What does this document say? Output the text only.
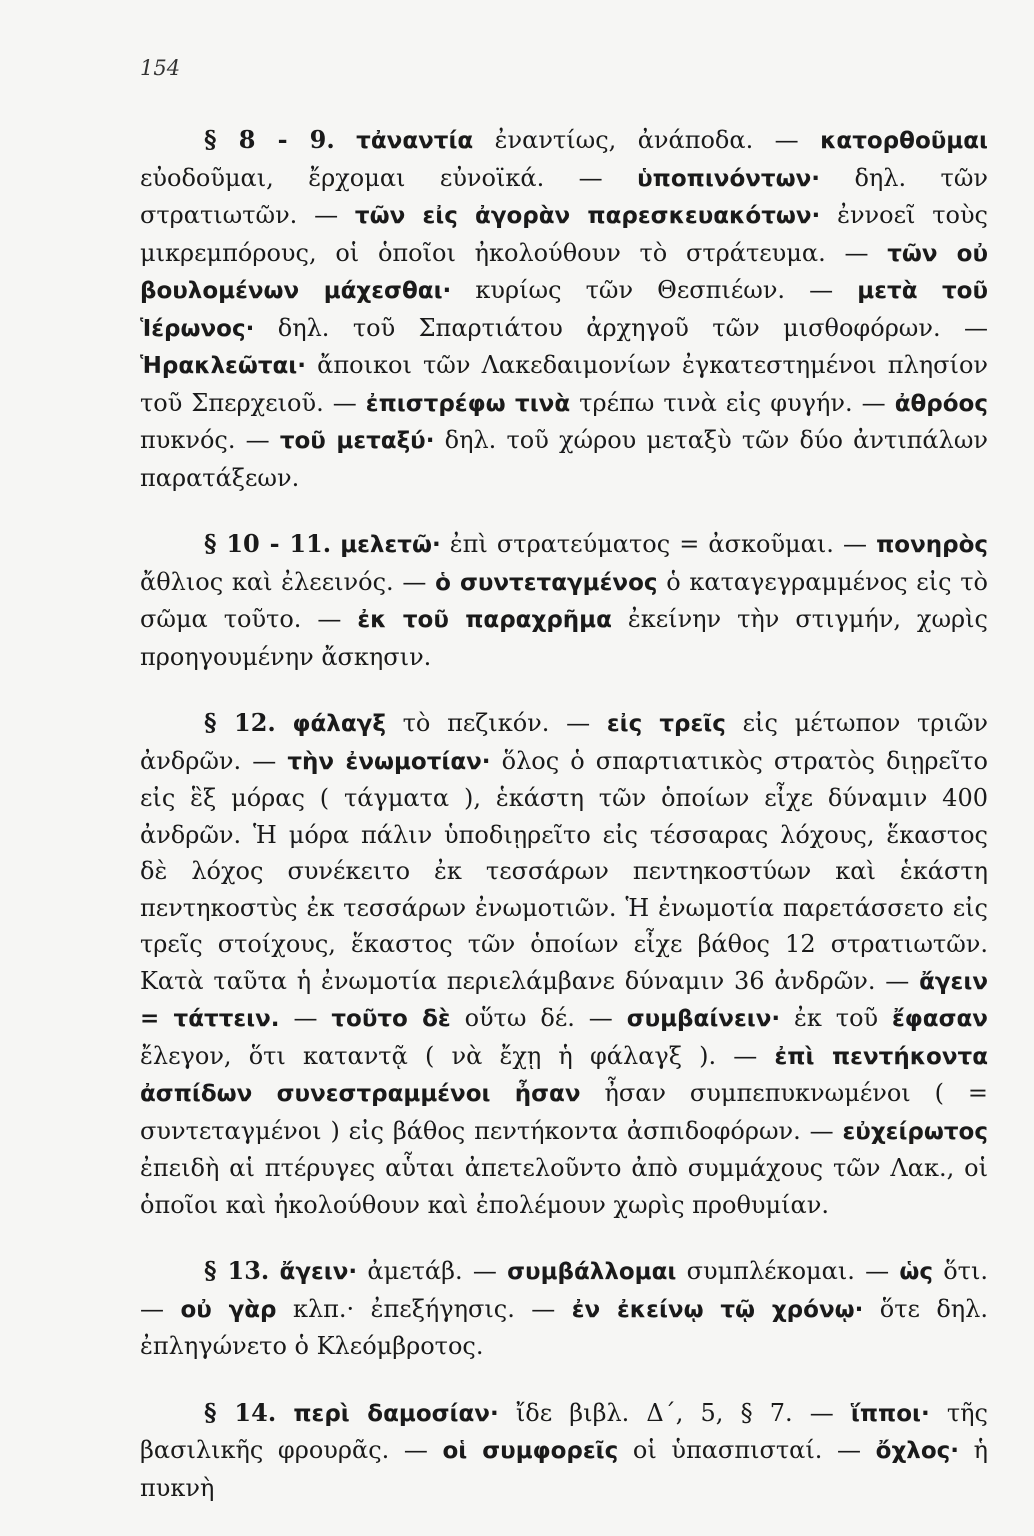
154

§ 8 - 9. τἀναντία ἐναντίως, ἀνάποδα. — κατορθοῦμαι εὐοδοῦμαι, ἔρχομαι εὐνοϊκά. — ὑποπινόντων· δηλ. τῶν στρατιωτῶν. — τῶν εἰς ἀγορὰν παρεσκευακότων· ἐννοεῖ τοὺς μικρεμπόρους, οἱ ὁποῖοι ἠκολούθουν τὸ στράτευμα. — τῶν οὐ βουλομένων μάχεσθαι· κυρίως τῶν Θεσπιέων. — μετὰ τοῦ Ἱέρωνος· δηλ. τοῦ Σπαρτιάτου ἀρχηγοῦ τῶν μισθοφόρων. — Ἡρακλεῶται· ἄποικοι τῶν Λακεδαιμονίων ἐγκατεστημένοι πλησίον τοῦ Σπερχειοῦ. — ἐπιστρέφω τινὰ τρέπω τινὰ εἰς φυγήν. — ἀθρόος πυκνός. — τοῦ μεταξύ· δηλ. τοῦ χώρου μεταξὺ τῶν δύο ἀντιπάλων παρατάξεων.

§ 10 - 11. μελετῶ· ἐπὶ στρατεύματος = ἀσκοῦμαι. — πονηρὸς ἄθλιος καὶ ἐλεεινός. — ὁ συντεταγμένος ὁ καταγεγραμμένος εἰς τὸ σῶμα τοῦτο. — ἐκ τοῦ παραχρῆμα ἐκείνην τὴν στιγμήν, χωρὶς προηγουμένην ἄσκησιν.

§ 12. φάλαγξ τὸ πεζικόν. — εἰς τρεῖς εἰς μέτωπον τριῶν ἀνδρῶν. — τὴν ἐνωμοτίαν· ὅλος ὁ σπαρτιατικὸς στρατὸς διῃρεῖτο εἰς ἓξ μόρας ( τάγματα ), ἑκάστη τῶν ὁποίων εἶχε δύναμιν 400 ἀνδρῶν. Ἡ μόρα πάλιν ὑποδιῃρεῖτο εἰς τέσσαρας λόχους, ἕκαστος δὲ λόχος συνέκειτο ἐκ τεσσάρων πεντηκοστύων καὶ ἑκάστη πεντηκοστὺς ἐκ τεσσάρων ἐνωμοτιῶν. Ἡ ἐνωμοτία παρετάσσετο εἰς τρεῖς στοίχους, ἕκαστος τῶν ὁποίων εἶχε βάθος 12 στρατιωτῶν. Κατὰ ταῦτα ἡ ἐνωμοτία περιελάμβανε δύναμιν 36 ἀνδρῶν. — ἄγειν = τάττειν. — τοῦτο δὲ οὕτω δέ. — συμβαίνειν· ἐκ τοῦ ἔφασαν ἔλεγον, ὅτι καταντᾷ ( νὰ ἔχῃ ἡ φάλαγξ ). — ἐπὶ πεντήκοντα ἀσπίδων συνεστραμμένοι ἦσαν ἦσαν συμπεπυκνωμένοι ( = συντεταγμένοι ) εἰς βάθος πεντήκοντα ἀσπιδοφόρων. — εὐχείρωτος ἐπειδὴ αἱ πτέρυγες αὗται ἀπετελοῦντο ἀπὸ συμμάχους τῶν Λακ., οἱ ὁποῖοι καὶ ἠκολούθουν καὶ ἐπολέμουν χωρὶς προθυμίαν.

§ 13. ἄγειν· ἀμετάβ. — συμβάλλομαι συμπλέκομαι. — ὡς ὅτι. — οὐ γὰρ κλπ.· ἐπεξήγησις. — ἐν ἐκείνῳ τῷ χρόνῳ· ὅτε δηλ. ἐπληγώνετο ὁ Κλεόμβροτος.

§ 14. περὶ δαμοσίαν· ἴδε βιβλ. Δ΄, 5, § 7. — ἵπποι· τῆς βασιλικῆς φρουρᾶς. — οἱ συμφορεῖς οἱ ὑπασπισταί. — ὄχλος· ἡ πυκνὴ
